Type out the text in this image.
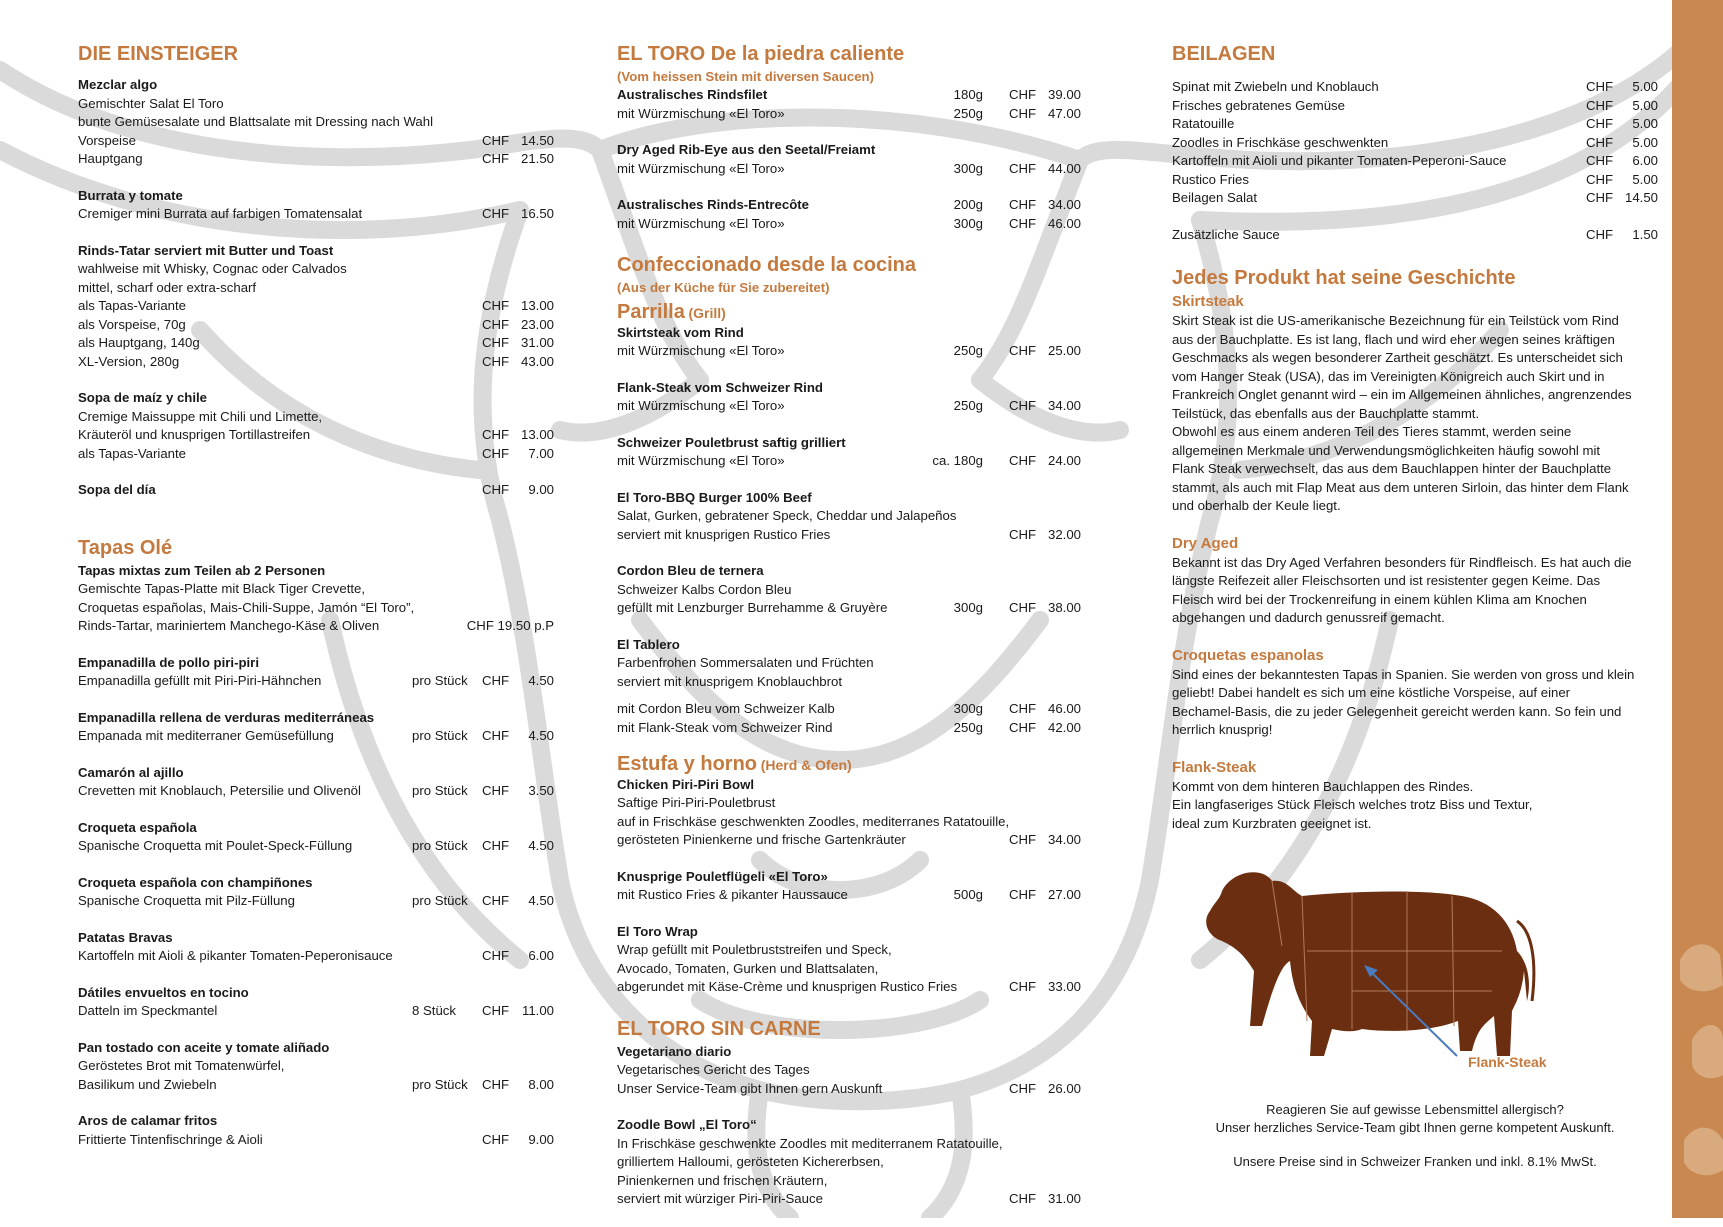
DIE EINSTEIGER
Mezclar algo
Gemischter Salat El Toro
bunte Gemüsesalate und Blattsalate mit Dressing nach Wahl
Vorspeise	CHF 14.50
Hauptgang	CHF 21.50
Burrata y tomate
Cremiger mini Burrata auf farbigen Tomatensalat	CHF 16.50
Rinds-Tatar serviert mit Butter und Toast
wahlweise mit Whisky, Cognac oder Calvados
mittel, scharf oder extra-scharf
als Tapas-Variante	CHF 13.00
als Vorspeise, 70g	CHF 23.00
als Hauptgang, 140g	CHF 31.00
XL-Version, 280g	CHF 43.00
Sopa de maíz y chile
Cremige Maissuppe mit Chili und Limette,
Kräuteröl und knusprigen Tortillastreifen	CHF 13.00
als Tapas-Variante	CHF	7.00
Sopa del día	CHF	9.00
Tapas Olé
Tapas mixtas zum Teilen ab 2 Personen
Gemischte Tapas-Platte mit Black Tiger Crevette,
Croquetas españolas, Mais-Chili-Suppe, Jamón “El Toro”,
Rinds-Tartar, mariniertem Manchego-Käse & Oliven	CHF 19.50 p.P
Empanadilla de pollo piri-piri
Empanadilla gefüllt mit Piri-Piri-Hähnchen	pro Stück	CHF	4.50
Empanadilla rellena de verduras mediterráneas
Empanada mit mediterraner Gemüsefüllung	pro Stück	CHF	4.50
Camarón al ajillo
Crevetten mit Knoblauch, Petersilie und Olivenöl	pro Stück	CHF	3.50
Croqueta española
Spanische Croquetta mit Poulet-Speck-Füllung	pro Stück	CHF	4.50
Croqueta española con champiñones
Spanische Croquetta mit Pilz-Füllung	pro Stück	CHF	4.50
Patatas Bravas
Kartoffeln mit Aioli & pikanter Tomaten-Peperonisauce	CHF	6.00
Dátiles envueltos en tocino
Datteln im Speckmantel	8 Stück	CHF 11.00
Pan tostado con aceite y tomate aliñado
Geröstetes Brot mit Tomatenwürfel,
Basilikum und Zwiebeln	pro Stück	CHF	8.00
Aros de calamar fritos
Frittierte Tintenfischringe & Aioli	CHF	9.00
EL TORO De la piedra caliente
(Vom heissen Stein mit diversen Saucen)
Australisches Rindsfilet	180g	CHF 39.00
mit Würzmischung «El Toro»	250g	CHF 47.00
Dry Aged Rib-Eye aus den Seetal/Freiamt
mit Würzmischung «El Toro»	300g	CHF 44.00
Australisches Rinds-Entrecôte	200g	CHF 34.00
mit Würzmischung «El Toro»	300g	CHF 46.00
Confeccionado desde la cocina
(Aus der Küche für Sie zubereitet)
Parrilla (Grill)
Skirtsteak vom Rind
mit Würzmischung «El Toro»	250g	CHF 25.00
Flank-Steak vom Schweizer Rind
mit Würzmischung «El Toro»	250g	CHF 34.00
Schweizer Pouletbrust saftig grilliert
mit Würzmischung «El Toro»	ca. 180g	CHF 24.00
El Toro-BBQ Burger 100% Beef
Salat, Gurken, gebratener Speck, Cheddar und Jalapeños
serviert mit knusprigen Rustico Fries	CHF 32.00
Cordon Bleu de ternera
Schweizer Kalbs Cordon Bleu
gefüllt mit Lenzburger Burrehamme & Gruyère	300g	CHF 38.00
El Tablero
Farbenfrohen Sommersalaten und Früchten
serviert mit knusprigem Knoblauchbrot
mit Cordon Bleu vom Schweizer Kalb	300g	CHF 46.00
mit Flank-Steak vom Schweizer Rind	250g	CHF 42.00
Estufa y horno (Herd & Ofen)
Chicken Piri-Piri Bowl
Saftige Piri-Piri-Pouletbrust
auf in Frischkäse geschwenkten Zoodles, mediterranes Ratatouille,
gerösteten Pinienkerne und frische Gartenkräuter	CHF 34.00
Knusprige Pouletflügeli «El Toro»
mit Rustico Fries & pikanter Haussauce	500g	CHF 27.00
El Toro Wrap
Wrap gefüllt mit Pouletbruststreifen und Speck,
Avocado, Tomaten, Gurken und Blattsalaten,
abgerundet mit Käse-Crème und knusprigen Rustico Fries	CHF 33.00
EL TORO SIN CARNE
Vegetariano diario
Vegetarisches Gericht des Tages
Unser Service-Team gibt Ihnen gern Auskunft	CHF 26.00
Zoodle Bowl „El Toro“
In Frischkäse geschwenkte Zoodles mit mediterranem Ratatouille,
grilliertem Halloumi, gerösteten Kichererbsen,
Pinienkernen und frischen Kräutern,
serviert mit würziger Piri-Piri-Sauce	CHF 31.00
BEILAGEN
Spinat mit Zwiebeln und Knoblauch	CHF	5.00
Frisches gebratenes Gemüse	CHF	5.00
Ratatouille	CHF	5.00
Zoodles in Frischkäse geschwenkten	CHF	5.00
Kartoffeln mit Aioli und pikanter Tomaten-Peperoni-Sauce	CHF	6.00
Rustico Fries	CHF	5.00
Beilagen Salat	CHF 14.50
Zusätzliche Sauce	CHF	1.50
Jedes Produkt hat seine Geschichte
Skirtsteak

Skirt Steak ist die US-amerikanische Bezeichnung für ein Teilstück vom Rind

aus der Bauchplatte. Es ist lang, flach und wird eher wegen seines kräftigen

Geschmacks als wegen besonderer Zartheit geschätzt. Es unterscheidet sich

vom Hanger Steak (USA), das im Vereinigten Königreich auch Skirt und in

Frankreich Onglet genannt wird – ein im Allgemeinen ähnliches, angrenzendes

Teilstück, das ebenfalls aus der Bauchplatte stammt.

Obwohl es aus einem anderen Teil des Tieres stammt, werden seine

allgemeinen Merkmale und Verwendungsmöglichkeiten häufig sowohl mit

Flank Steak verwechselt, das aus dem Bauchlappen hinter der Bauchplatte

stammt, als auch mit Flap Meat aus dem unteren Sirloin, das hinter dem Flank

und oberhalb der Keule liegt.

Dry Aged

Bekannt ist das Dry Aged Verfahren besonders für Rindfleisch. Es hat auch die

längste Reifezeit aller Fleischsorten und ist resistenter gegen Keime. Das

Fleisch wird bei der Trockenreifung in einem kühlen Klima am Knochen

abgehangen und dadurch genussreif gemacht.

Croquetas espanolas

Sind eines der bekanntesten Tapas in Spanien. Sie werden von gross und klein

geliebt! Dabei handelt es sich um eine köstliche Vorspeise, auf einer

Bechamel-Basis, die zu jeder Gelegenheit gereicht werden kann. So fein und

herrlich knusprig!

Flank-Steak

Kommt von dem hinteren Bauchlappen des Rindes.

Ein langfaseriges Stück Fleisch welches trotz Biss und Textur,

ideal zum Kurzbraten geeignet ist.

Flank-Steak
Reagieren Sie auf gewisse Lebensmittel allergisch?
Unser herzliches Service-Team gibt Ihnen gerne kompetent Auskunft.
Unsere Preise sind in Schweizer Franken und inkl. 8.1% MwSt.
